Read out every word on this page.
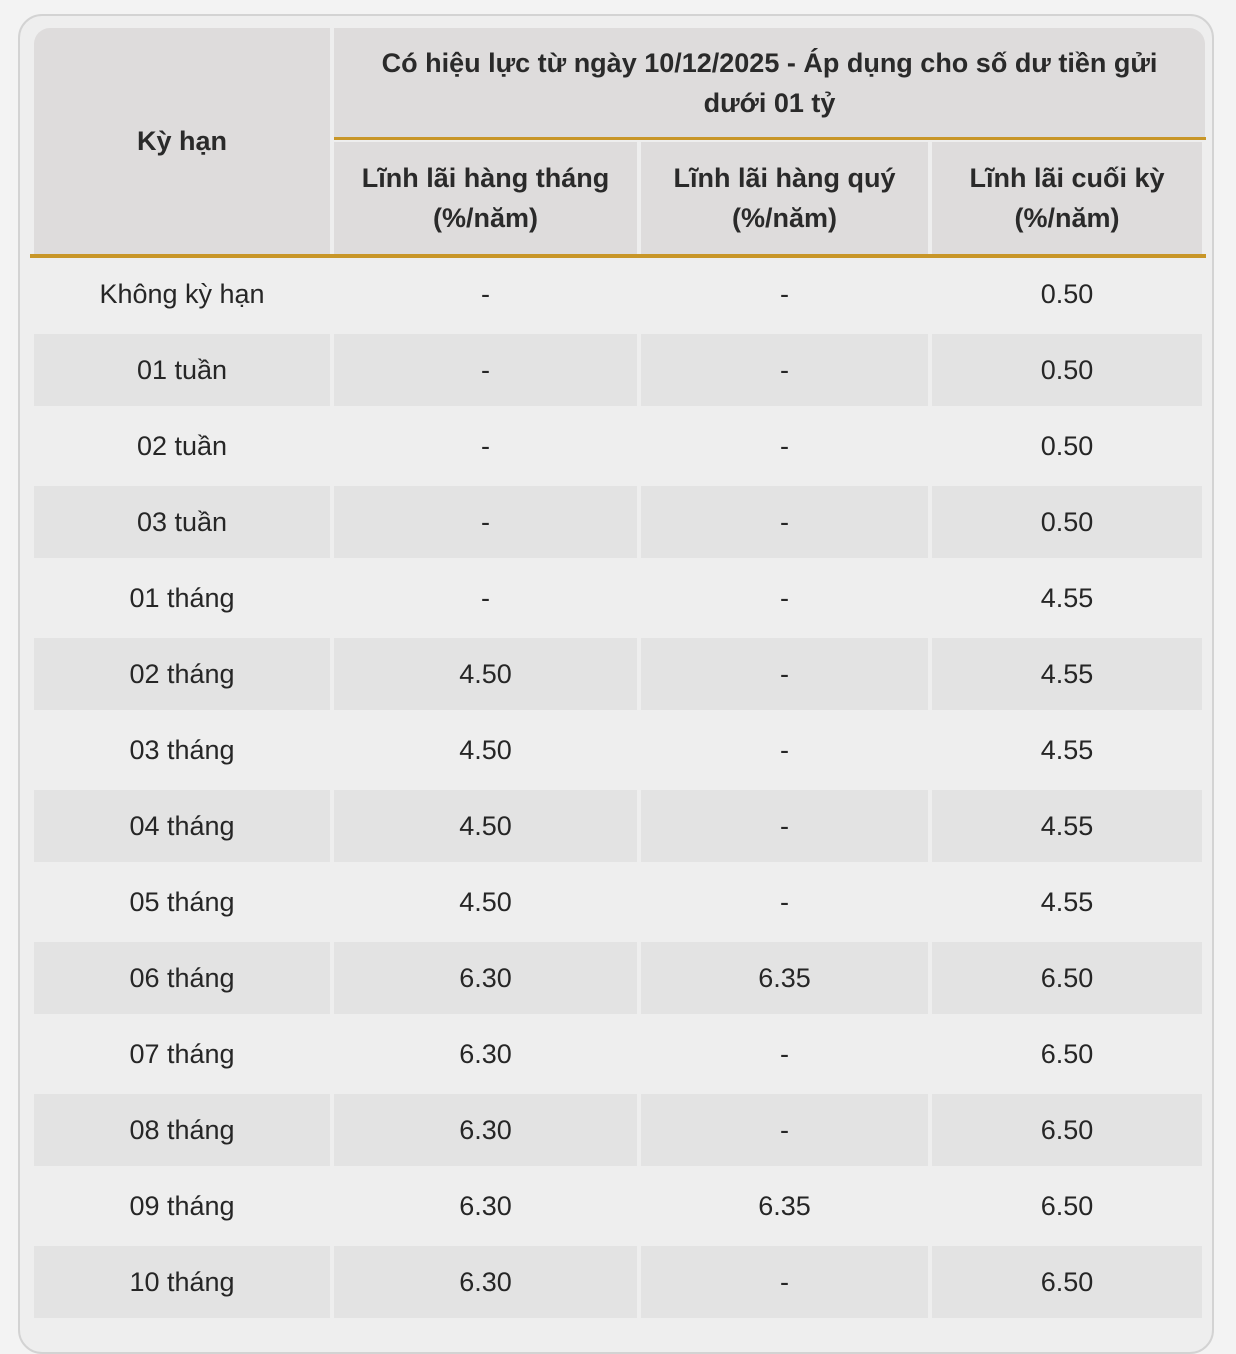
Kỳ hạn
Có hiệu lực từ ngày 10/12/2025 - Áp dụng cho số dư tiền gửi dưới 01 tỷ
Lĩnh lãi hàng tháng (%/năm)
Lĩnh lãi hàng quý (%/năm)
Lĩnh lãi cuối kỳ (%/năm)
Không kỳ hạn	-	-	0.50
01 tuần	-	-	0.50
02 tuần	-	-	0.50
03 tuần	-	-	0.50
01 tháng	-	-	4.55
02 tháng	4.50	-	4.55
03 tháng	4.50	-	4.55
04 tháng	4.50	-	4.55
05 tháng	4.50	-	4.55
06 tháng	6.30	6.35	6.50
07 tháng	6.30	-	6.50
08 tháng	6.30	-	6.50
09 tháng	6.30	6.35	6.50
10 tháng	6.30	-	6.50
